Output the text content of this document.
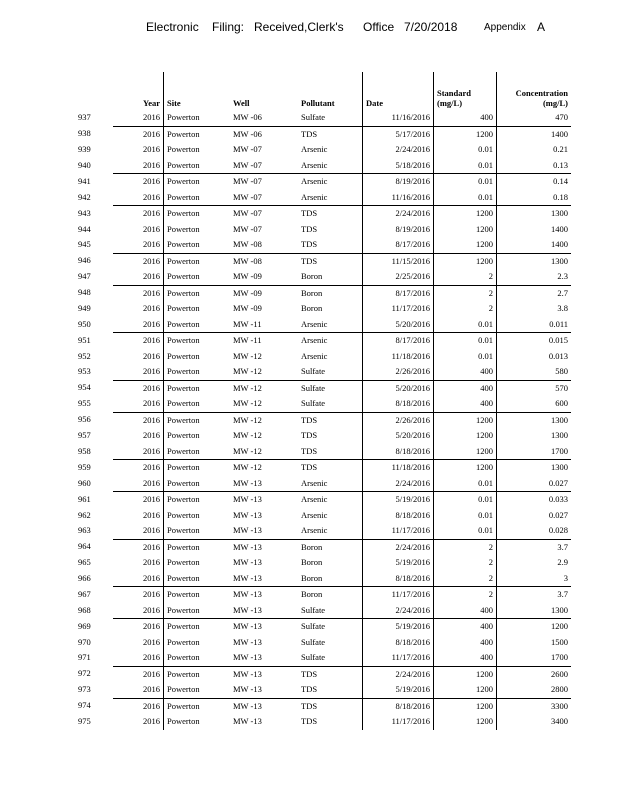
Electronic Filing: Received,Clerk's Office 7/20/2018	Appendix A
	Year	Site	Well	Pollutant	Date	Standard (mg/L)	Concentration (mg/L)
937	2016	Powerton	MW -06	Sulfate	11/16/2016	400	470
938	2016	Powerton	MW -06	TDS	5/17/2016	1200	1400
939	2016	Powerton	MW -07	Arsenic	2/24/2016	0.01	0.21
940	2016	Powerton	MW -07	Arsenic	5/18/2016	0.01	0.13
941	2016	Powerton	MW -07	Arsenic	8/19/2016	0.01	0.14
942	2016	Powerton	MW -07	Arsenic	11/16/2016	0.01	0.18
943	2016	Powerton	MW -07	TDS	2/24/2016	1200	1300
944	2016	Powerton	MW -07	TDS	8/19/2016	1200	1400
945	2016	Powerton	MW -08	TDS	8/17/2016	1200	1400
946	2016	Powerton	MW -08	TDS	11/15/2016	1200	1300
947	2016	Powerton	MW -09	Boron	2/25/2016	2	2.3
948	2016	Powerton	MW -09	Boron	8/17/2016	2	2.7
949	2016	Powerton	MW -09	Boron	11/17/2016	2	3.8
950	2016	Powerton	MW -11	Arsenic	5/20/2016	0.01	0.011
951	2016	Powerton	MW -11	Arsenic	8/17/2016	0.01	0.015
952	2016	Powerton	MW -12	Arsenic	11/18/2016	0.01	0.013
953	2016	Powerton	MW -12	Sulfate	2/26/2016	400	580
954	2016	Powerton	MW -12	Sulfate	5/20/2016	400	570
955	2016	Powerton	MW -12	Sulfate	8/18/2016	400	600
956	2016	Powerton	MW -12	TDS	2/26/2016	1200	1300
957	2016	Powerton	MW -12	TDS	5/20/2016	1200	1300
958	2016	Powerton	MW -12	TDS	8/18/2016	1200	1700
959	2016	Powerton	MW -12	TDS	11/18/2016	1200	1300
960	2016	Powerton	MW -13	Arsenic	2/24/2016	0.01	0.027
961	2016	Powerton	MW -13	Arsenic	5/19/2016	0.01	0.033
962	2016	Powerton	MW -13	Arsenic	8/18/2016	0.01	0.027
963	2016	Powerton	MW -13	Arsenic	11/17/2016	0.01	0.028
964	2016	Powerton	MW -13	Boron	2/24/2016	2	3.7
965	2016	Powerton	MW -13	Boron	5/19/2016	2	2.9
966	2016	Powerton	MW -13	Boron	8/18/2016	2	3
967	2016	Powerton	MW -13	Boron	11/17/2016	2	3.7
968	2016	Powerton	MW -13	Sulfate	2/24/2016	400	1300
969	2016	Powerton	MW -13	Sulfate	5/19/2016	400	1200
970	2016	Powerton	MW -13	Sulfate	8/18/2016	400	1500
971	2016	Powerton	MW -13	Sulfate	11/17/2016	400	1700
972	2016	Powerton	MW -13	TDS	2/24/2016	1200	2600
973	2016	Powerton	MW -13	TDS	5/19/2016	1200	2800
974	2016	Powerton	MW -13	TDS	8/18/2016	1200	3300
975	2016	Powerton	MW -13	TDS	11/17/2016	1200	3400
